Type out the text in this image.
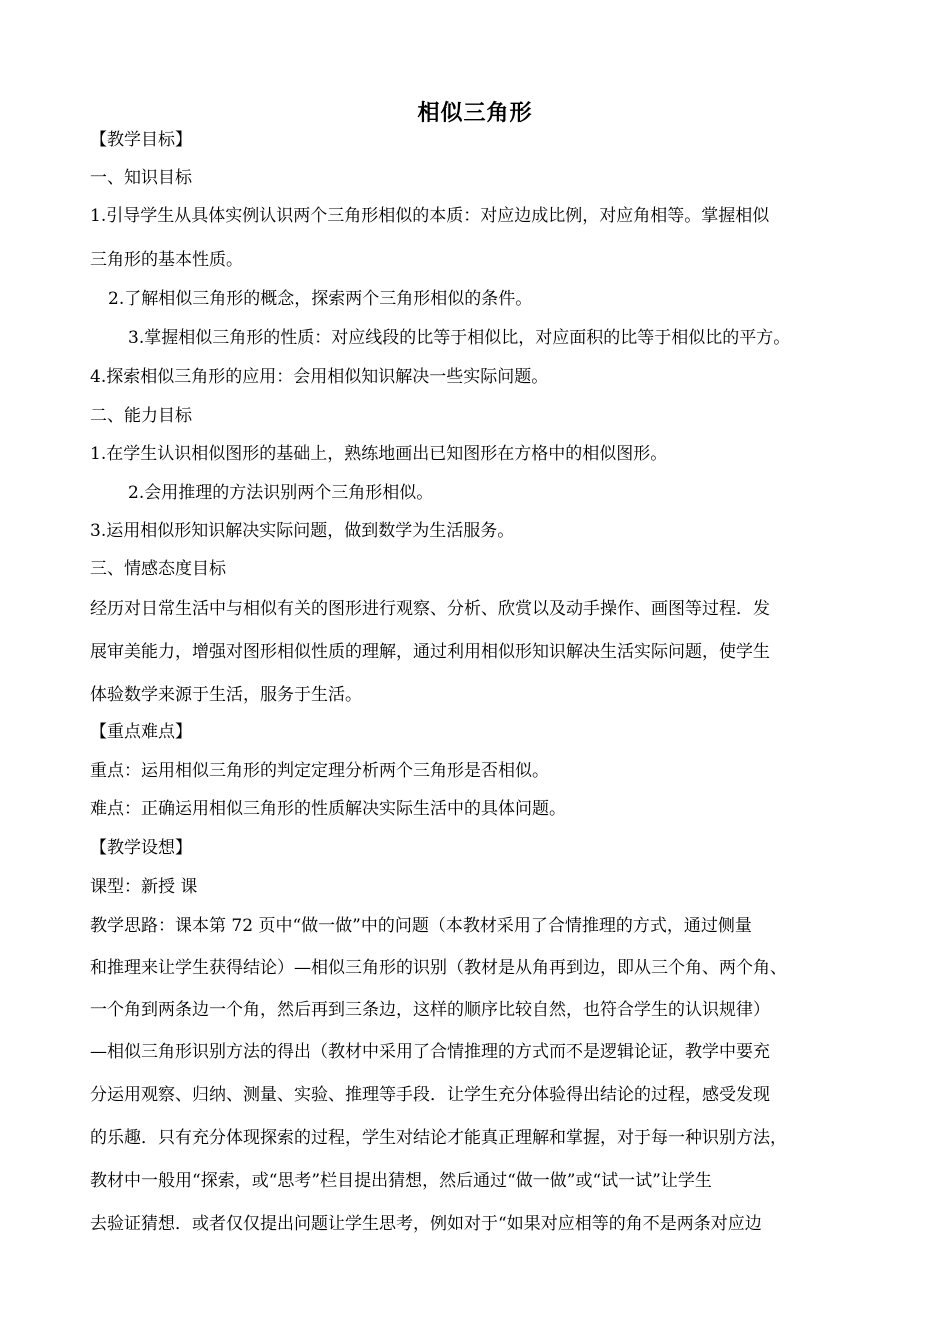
相似三角形
【教学目标】
一、知识目标
1.引导学生从具体实例认识两个三角形相似的本质：对应边成比例，对应角相等。掌握相似
三角形的基本性质。
2.了解相似三角形的概念，探索两个三角形相似的条件。
3.掌握相似三角形的性质：对应线段的比等于相似比，对应面积的比等于相似比的平方。
4.探索相似三角形的应用：会用相似知识解决一些实际问题。
二、能力目标
1.在学生认识相似图形的基础上，熟练地画出已知图形在方格中的相似图形。
2.会用推理的方法识别两个三角形相似。
3.运用相似形知识解决实际问题，做到数学为生活服务。
三、情感态度目标
经历对日常生活中与相似有关的图形进行观察、分析、欣赏以及动手操作、画图等过程．发
展审美能力，增强对图形相似性质的理解，通过利用相似形知识解决生活实际问题，使学生
体验数学来源于生活，服务于生活。
【重点难点】
重点：运用相似三角形的判定定理分析两个三角形是否相似。
难点：正确运用相似三角形的性质解决实际生活中的具体问题。
【教学设想】
课型：新授 课
教学思路：课本第 72 页中“做一做”中的问题（本教材采用了合情推理的方式，通过侧量
和推理来让学生获得结论）—相似三角形的识别（教材是从角再到边，即从三个角、两个角、
一个角到两条边一个角，然后再到三条边，这样的顺序比较自然，也符合学生的认识规律）
—相似三角形识别方法的得出（教材中采用了合情推理的方式而不是逻辑论证，教学中要充
分运用观察、归纳、测量、实验、推理等手段．让学生充分体验得出结论的过程，感受发现
的乐趣．只有充分体现探索的过程，学生对结论才能真正理解和掌握，对于每一种识别方法，
教材中一般用“探索，或“思考”栏目提出猜想，然后通过“做一做”或“试一试”让学生
去验证猜想．或者仅仅提出问题让学生思考，例如对于“如果对应相等的角不是两条对应边
